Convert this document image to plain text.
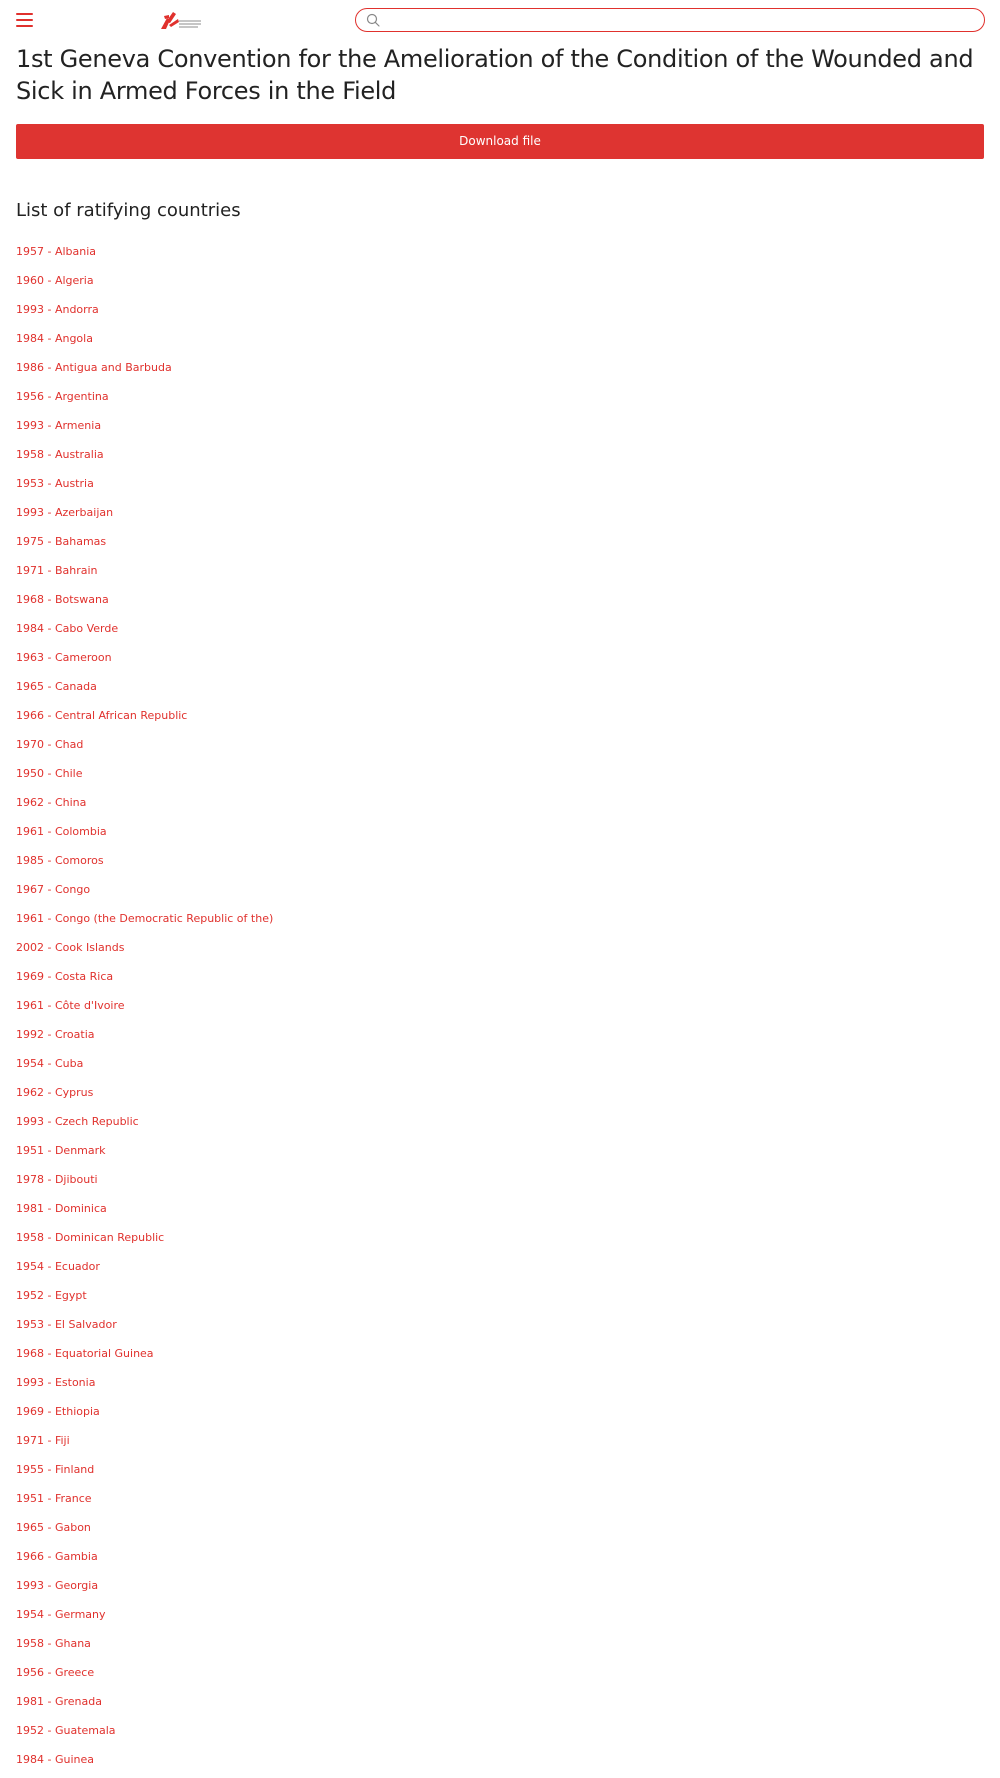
1st Geneva Convention for the Amelioration of the Condition of the Wounded and Sick in Armed Forces in the Field
Download file
List of ratifying countries
1957 - Albania
1960 - Algeria
1993 - Andorra
1984 - Angola
1986 - Antigua and Barbuda
1956 - Argentina
1993 - Armenia
1958 - Australia
1953 - Austria
1993 - Azerbaijan
1975 - Bahamas
1971 - Bahrain
1968 - Botswana
1984 - Cabo Verde
1963 - Cameroon
1965 - Canada
1966 - Central African Republic
1970 - Chad
1950 - Chile
1962 - China
1961 - Colombia
1985 - Comoros
1967 - Congo
1961 - Congo (the Democratic Republic of the)
2002 - Cook Islands
1969 - Costa Rica
1961 - Côte d'Ivoire
1992 - Croatia
1954 - Cuba
1962 - Cyprus
1993 - Czech Republic
1951 - Denmark
1978 - Djibouti
1981 - Dominica
1958 - Dominican Republic
1954 - Ecuador
1952 - Egypt
1953 - El Salvador
1968 - Equatorial Guinea
1993 - Estonia
1969 - Ethiopia
1971 - Fiji
1955 - Finland
1951 - France
1965 - Gabon
1966 - Gambia
1993 - Georgia
1954 - Germany
1958 - Ghana
1956 - Greece
1981 - Grenada
1952 - Guatemala
1984 - Guinea
